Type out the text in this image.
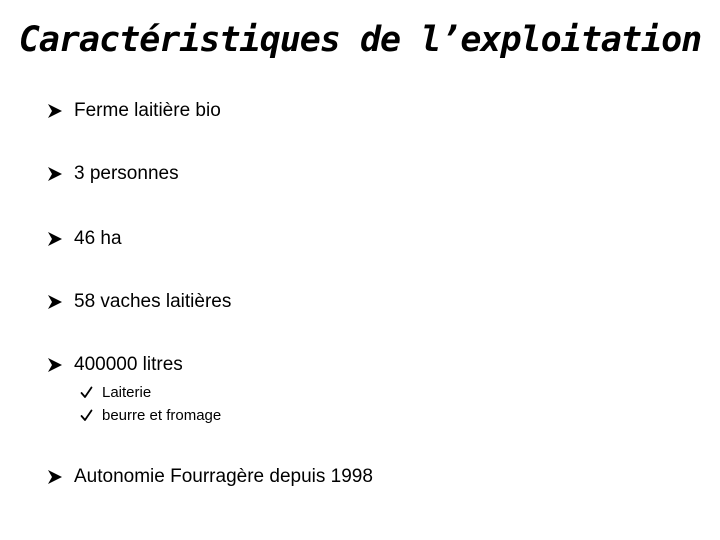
Caractéristiques de l’exploitation
Ferme laitière bio
3 personnes
46 ha
58 vaches laitières
400000 litres
Laiterie
beurre et fromage
Autonomie Fourragère depuis 1998
